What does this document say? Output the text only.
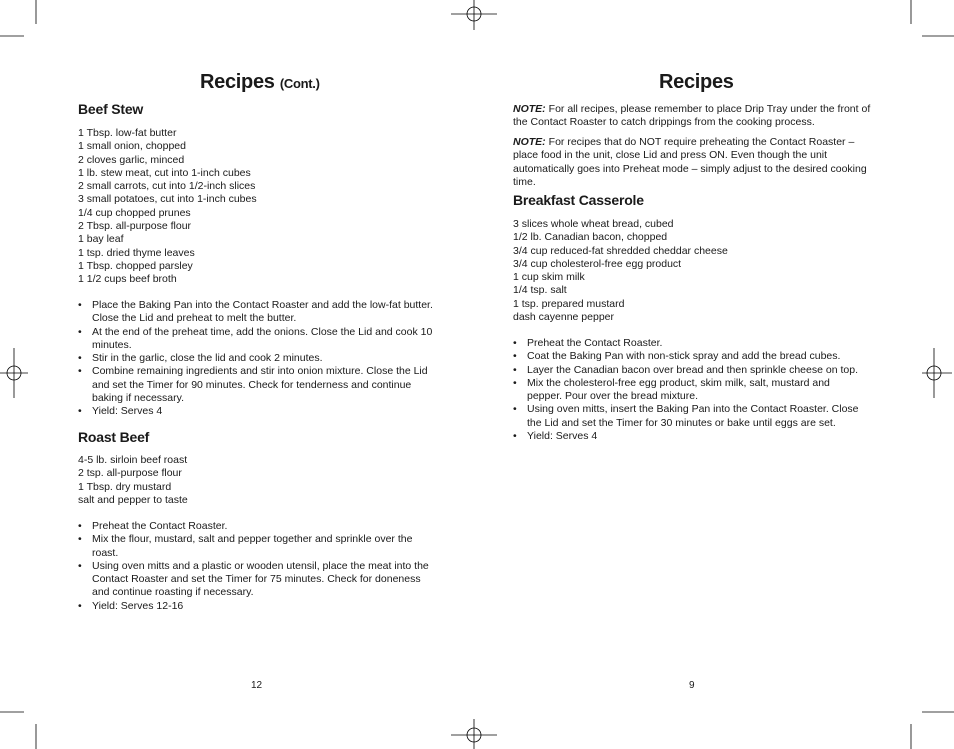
Recipes (Cont.)
Beef Stew
1 Tbsp. low-fat butter
1 small onion, chopped
2 cloves garlic, minced
1 lb. stew meat, cut into 1-inch cubes
2 small carrots, cut into 1/2-inch slices
3 small potatoes, cut into 1-inch cubes
1/4 cup chopped prunes
2 Tbsp. all-purpose flour
1 bay leaf
1 tsp. dried thyme leaves
1 Tbsp. chopped parsley
1 1/2 cups beef broth
• Place the Baking Pan into the Contact Roaster and add the low-fat butter. Close the Lid and preheat to melt the butter.
• At the end of the preheat time, add the onions. Close the Lid and cook 10 minutes.
• Stir in the garlic, close the lid and cook 2 minutes.
• Combine remaining ingredients and stir into onion mixture. Close the Lid and set the Timer for 90 minutes. Check for tenderness and continue baking if necessary.
• Yield: Serves 4
Roast Beef
4-5 lb. sirloin beef roast
2 tsp. all-purpose flour
1 Tbsp. dry mustard
salt and pepper to taste
• Preheat the Contact Roaster.
• Mix the flour, mustard, salt and pepper together and sprinkle over the roast.
• Using oven mitts and a plastic or wooden utensil, place the meat into the Contact Roaster and set the Timer for 75 minutes. Check for doneness and continue roasting if necessary.
• Yield: Serves 12-16
12
Recipes

NOTE: For all recipes, please remember to place Drip Tray under the front of the Contact Roaster to catch drippings from the cooking process.

NOTE: For recipes that do NOT require preheating the Contact Roaster – place food in the unit, close Lid and press ON. Even though the unit automatically goes into Preheat mode – simply adjust to the desired cooking time.

Breakfast Casserole
3 slices whole wheat bread, cubed
1/2 lb. Canadian bacon, chopped
3/4 cup reduced-fat shredded cheddar cheese
3/4 cup cholesterol-free egg product
1 cup skim milk
1/4 tsp. salt
1 tsp. prepared mustard
dash cayenne pepper
• Preheat the Contact Roaster.
• Coat the Baking Pan with non-stick spray and add the bread cubes.
• Layer the Canadian bacon over bread and then sprinkle cheese on top.
• Mix the cholesterol-free egg product, skim milk, salt, mustard and pepper. Pour over the bread mixture.
• Using oven mitts, insert the Baking Pan into the Contact Roaster. Close the Lid and set the Timer for 30 minutes or bake until eggs are set.
• Yield: Serves 4
9
